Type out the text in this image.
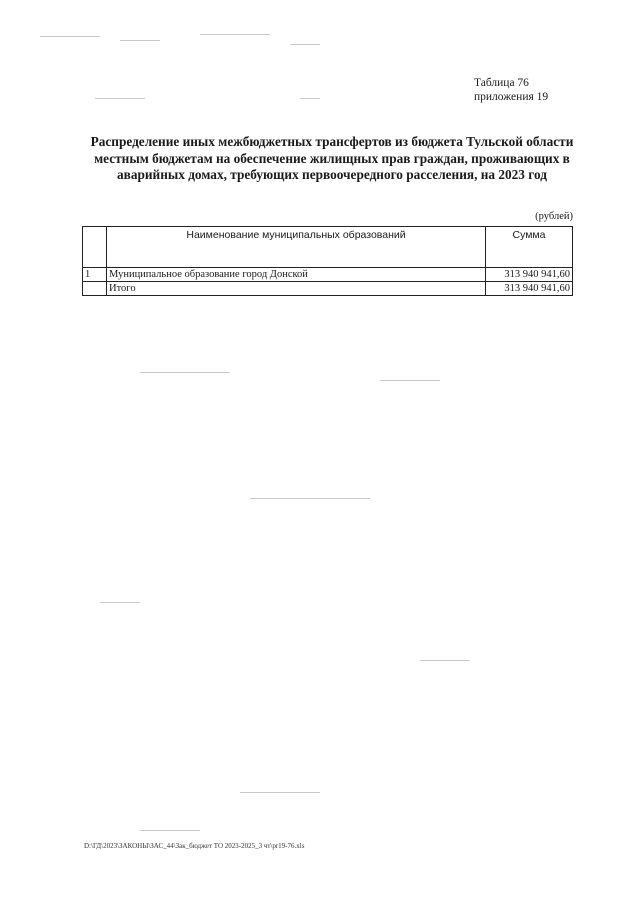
Таблица 76
приложения 19
Распределение иных межбюджетных трансфертов из бюджета Тульской области местным бюджетам на обеспечение жилищных прав граждан, проживающих в аварийных домах, требующих первоочередного расселения, на 2023 год
(рублей)
	Наименование муниципальных образований	Сумма
1	Муниципальное образование город Донской	313 940 941,60
	Итого	313 940 941,60
D:\ГД\2023\ЗАКОНЫ\ЗАС_44\Зак_бюджет ТО 2023-2025_3 чт\pr19-76.xls
